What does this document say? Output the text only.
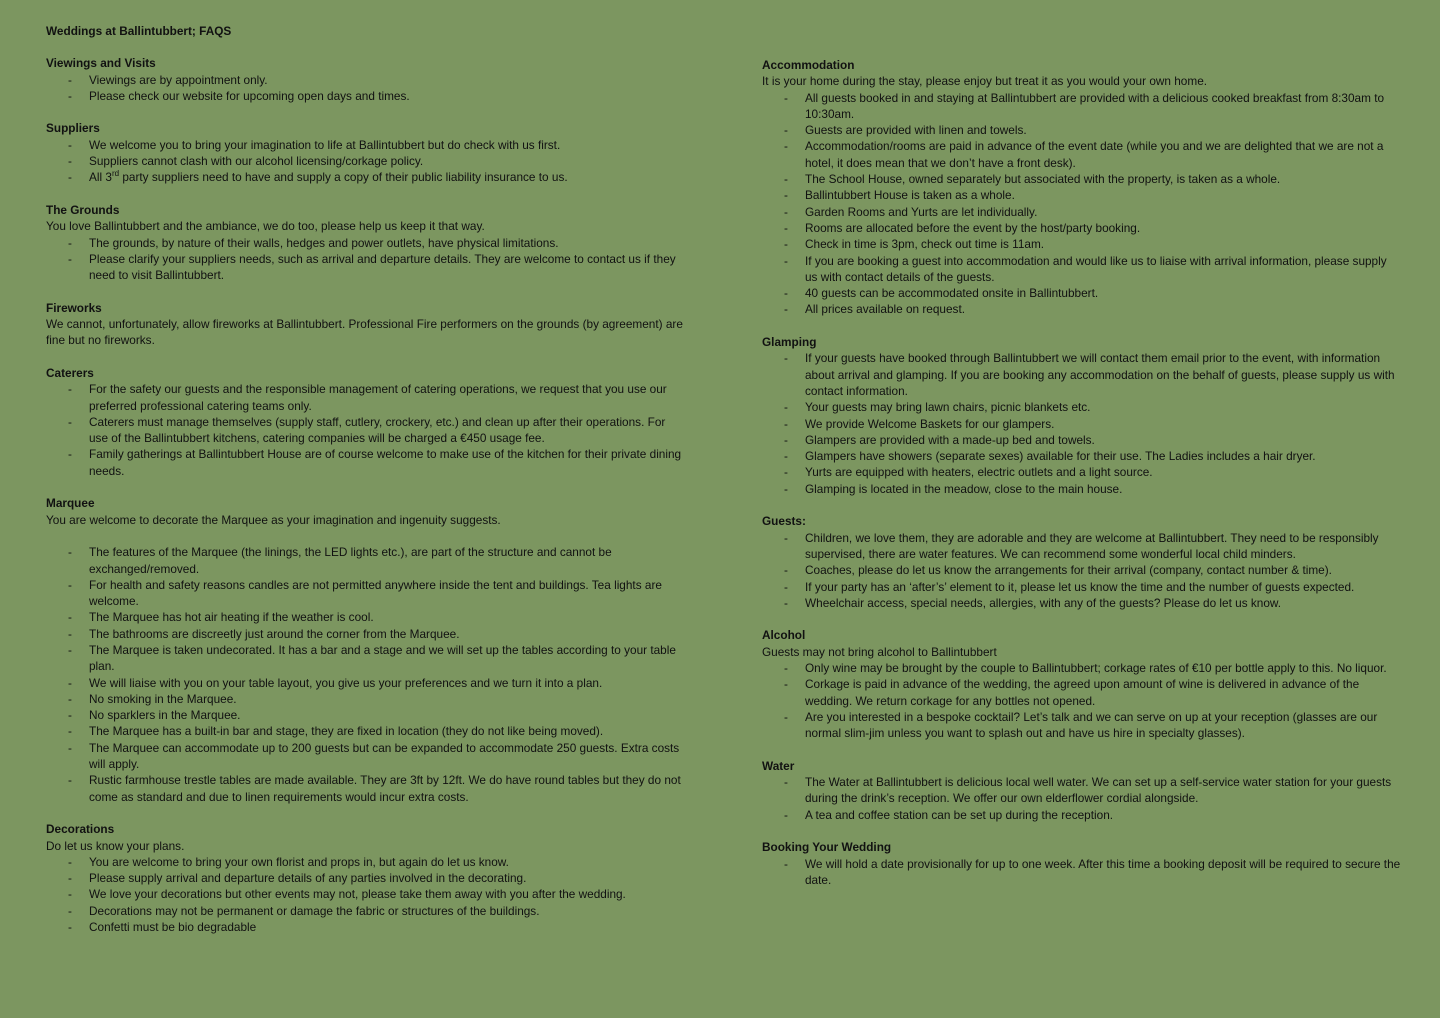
Weddings at Ballintubbert; FAQS
Viewings and Visits
- Viewings are by appointment only.
- Please check our website for upcoming open days and times.
Suppliers
- We welcome you to bring your imagination to life at Ballintubbert but do check with us first.
- Suppliers cannot clash with our alcohol licensing/corkage policy.
- All 3rd party suppliers need to have and supply a copy of their public liability insurance to us.
The Grounds

You love Ballintubbert and the ambiance, we do too, please help us keep it that way.

- The grounds, by nature of their walls, hedges and power outlets, have physical limitations.
- Please clarify your suppliers needs, such as arrival and departure details. They are welcome to contact us if they need to visit Ballintubbert.
Fireworks

We cannot, unfortunately, allow fireworks at Ballintubbert. Professional Fire performers on the grounds (by agreement) are fine but no fireworks.

Caterers
- For the safety our guests and the responsible management of catering operations, we request that you use our preferred professional catering teams only.
- Caterers must manage themselves (supply staff, cutlery, crockery, etc.) and clean up after their operations. For use of the Ballintubbert kitchens, catering companies will be charged a €450 usage fee.
- Family gatherings at Ballintubbert House are of course welcome to make use of the kitchen for their private dining needs.
Marquee

You are welcome to decorate the Marquee as your imagination and ingenuity suggests.

- The features of the Marquee (the linings, the LED lights etc.), are part of the structure and cannot be exchanged/removed.
- For health and safety reasons candles are not permitted anywhere inside the tent and buildings. Tea lights are welcome.
- The Marquee has hot air heating if the weather is cool.
- The bathrooms are discreetly just around the corner from the Marquee.
- The Marquee is taken undecorated. It has a bar and a stage and we will set up the tables according to your table plan.
- We will liaise with you on your table layout, you give us your preferences and we turn it into a plan.
- No smoking in the Marquee.
- No sparklers in the Marquee.
- The Marquee has a built-in bar and stage, they are fixed in location (they do not like being moved).
- The Marquee can accommodate up to 200 guests but can be expanded to accommodate 250 guests. Extra costs will apply.
- Rustic farmhouse trestle tables are made available. They are 3ft by 12ft. We do have round tables but they do not come as standard and due to linen requirements would incur extra costs.
Decorations

Do let us know your plans.

- You are welcome to bring your own florist and props in, but again do let us know.
- Please supply arrival and departure details of any parties involved in the decorating.
- We love your decorations but other events may not, please take them away with you after the wedding.
- Decorations may not be permanent or damage the fabric or structures of the buildings.
- Confetti must be bio degradable
Accommodation

It is your home during the stay, please enjoy but treat it as you would your own home.

- All guests booked in and staying at Ballintubbert are provided with a delicious cooked breakfast from 8:30am to 10:30am.
- Guests are provided with linen and towels.
- Accommodation/rooms are paid in advance of the event date (while you and we are delighted that we are not a hotel, it does mean that we don’t have a front desk).
- The School House, owned separately but associated with the property, is taken as a whole.
- Ballintubbert House is taken as a whole.
- Garden Rooms and Yurts are let individually.
- Rooms are allocated before the event by the host/party booking.
- Check in time is 3pm, check out time is 11am.
- If you are booking a guest into accommodation and would like us to liaise with arrival information, please supply us with contact details of the guests.
- 40 guests can be accommodated onsite in Ballintubbert.
- All prices available on request.
Glamping
- If your guests have booked through Ballintubbert we will contact them email prior to the event, with information about arrival and glamping. If you are booking any accommodation on the behalf of guests, please supply us with contact information.
- Your guests may bring lawn chairs, picnic blankets etc.
- We provide Welcome Baskets for our glampers.
- Glampers are provided with a made-up bed and towels.
- Glampers have showers (separate sexes) available for their use. The Ladies includes a hair dryer.
- Yurts are equipped with heaters, electric outlets and a light source.
- Glamping is located in the meadow, close to the main house.
Guests:
- Children, we love them, they are adorable and they are welcome at Ballintubbert. They need to be responsibly supervised, there are water features. We can recommend some wonderful local child minders.
- Coaches, please do let us know the arrangements for their arrival (company, contact number & time).
- If your party has an ‘after’s’ element to it, please let us know the time and the number of guests expected.
- Wheelchair access, special needs, allergies, with any of the guests? Please do let us know.
Alcohol

Guests may not bring alcohol to Ballintubbert

- Only wine may be brought by the couple to Ballintubbert; corkage rates of €10 per bottle apply to this. No liquor.
- Corkage is paid in advance of the wedding, the agreed upon amount of wine is delivered in advance of the wedding. We return corkage for any bottles not opened.
- Are you interested in a bespoke cocktail? Let’s talk and we can serve on up at your reception (glasses are our normal slim-jim unless you want to splash out and have us hire in specialty glasses).
Water
- The Water at Ballintubbert is delicious local well water. We can set up a self-service water station for your guests during the drink’s reception. We offer our own elderflower cordial alongside.
- A tea and coffee station can be set up during the reception.
Booking Your Wedding
- We will hold a date provisionally for up to one week. After this time a booking deposit will be required to secure the date.
